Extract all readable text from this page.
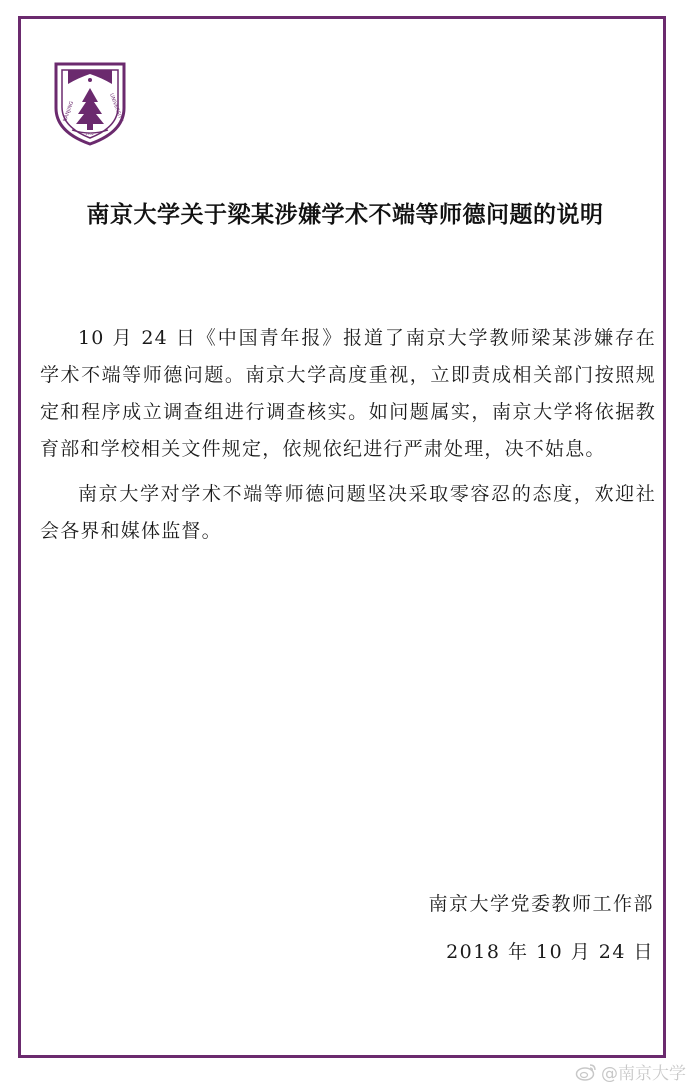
NANJING	UNIVERSITY
1902
南京大学关于梁某涉嫌学术不端等师德问题的说明

10 月 24 日《中国青年报》报道了南京大学教师梁某涉嫌存在学术不端等师德问题。南京大学高度重视，立即责成相关部门按照规定和程序成立调查组进行调查核实。如问题属实，南京大学将依据教育部和学校相关文件规定，依规依纪进行严肃处理，决不姑息。

南京大学对学术不端等师德问题坚决采取零容忍的态度，欢迎社会各界和媒体监督。

南京大学党委教师工作部
2018 年 10 月 24 日
@南京大学
